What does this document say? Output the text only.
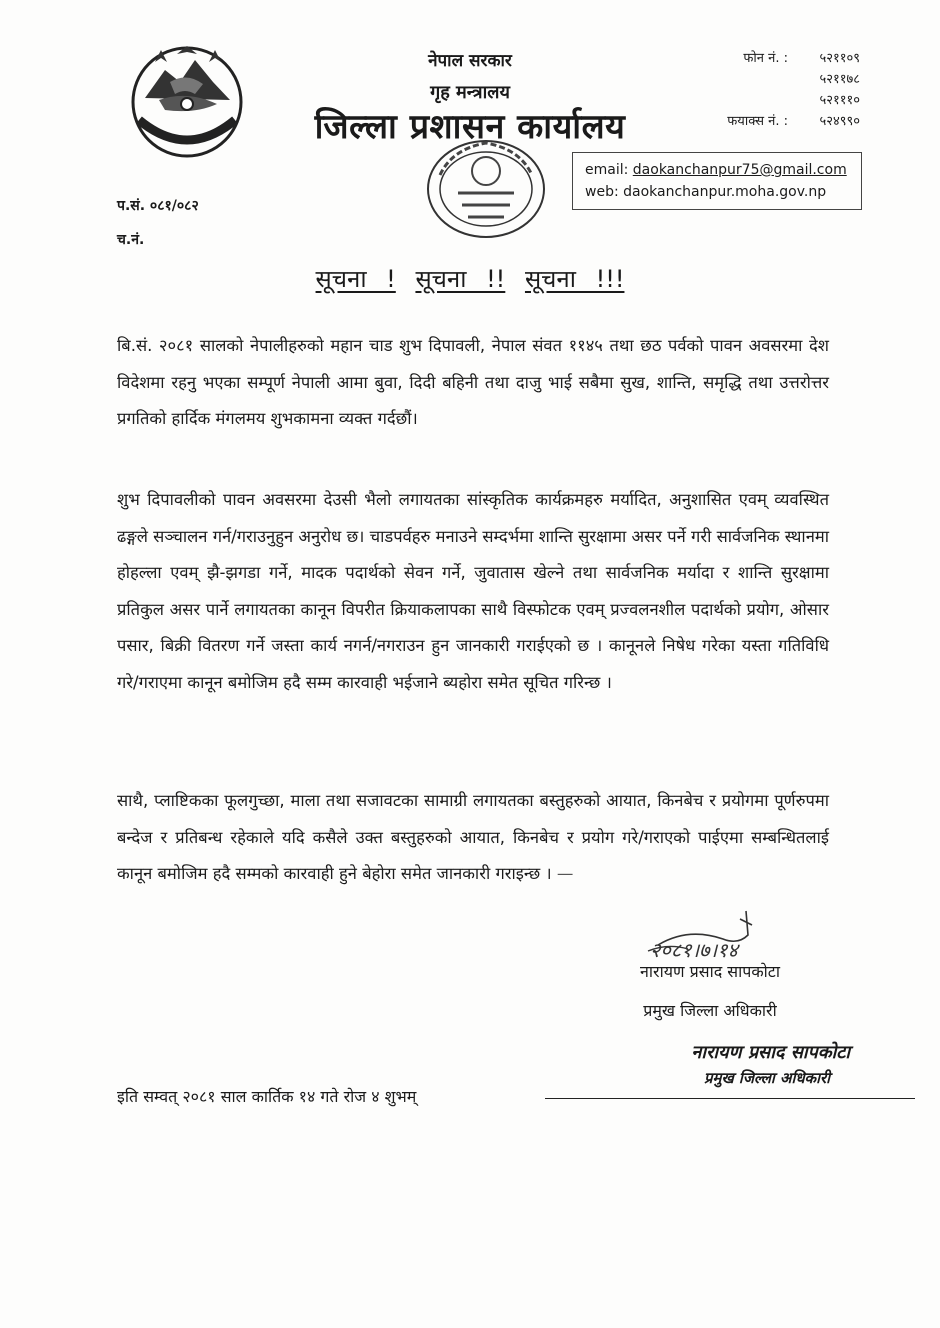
नेपाल सरकार
गृह मन्त्रालय
जिल्ला प्रशासन कार्यालय
फोन नं. :	५२११०९
५२११७८
५२१११०
फयाक्स नं. :	५२४९९०
email: daokanchanpur75@gmail.com
web: daokanchanpur.moha.gov.np
प.सं. ०८१/०८२
च.नं.
सूचना ! सूचना !! सूचना !!!
बि.सं. २०८१ सालको नेपालीहरुको महान चाड शुभ दिपावली, नेपाल संवत ११४५ तथा छठ पर्वको पावन अवसरमा देश विदेशमा रहनु भएका सम्पूर्ण नेपाली आमा बुवा, दिदी बहिनी तथा दाजु भाई सबैमा सुख, शान्ति, समृद्धि तथा उत्तरोत्तर प्रगतिको हार्दिक मंगलमय शुभकामना व्यक्त गर्दछौं।
शुभ दिपावलीको पावन अवसरमा देउसी भैलो लगायतका सांस्कृतिक कार्यक्रमहरु मर्यादित, अनुशासित एवम् व्यवस्थित ढङ्गले सञ्चालन गर्न/गराउनुहुन अनुरोध छ। चाडपर्वहरु मनाउने सम्दर्भमा शान्ति सुरक्षामा असर पर्ने गरी सार्वजनिक स्थानमा होहल्ला एवम् झै-झगडा गर्ने, मादक पदार्थको सेवन गर्ने, जुवातास खेल्ने तथा सार्वजनिक मर्यादा र शान्ति सुरक्षामा प्रतिकुल असर पार्ने लगायतका कानून विपरीत क्रियाकलापका साथै विस्फोटक एवम् प्रज्वलनशील पदार्थको प्रयोग, ओसार पसार, बिक्री वितरण गर्ने जस्ता कार्य नगर्न/नगराउन हुन जानकारी गराईएको छ । कानूनले निषेध गरेका यस्ता गतिविधि गरे/गराएमा कानून बमोजिम हदै सम्म कारवाही भईजाने ब्यहोरा समेत सूचित गरिन्छ ।
साथै, प्लाष्टिकका फूलगुच्छा, माला तथा सजावटका सामाग्री लगायतका बस्तुहरुको आयात, किनबेच र प्रयोगमा पूर्णरुपमा बन्देज र प्रतिबन्ध रहेकाले यदि कसैले उक्त बस्तुहरुको आयात, किनबेच र प्रयोग गरे/गराएको पाईएमा सम्बन्धितलाई कानून बमोजिम हदै सम्मको कारवाही हुने बेहोरा समेत जानकारी गराइन्छ । —
२०८१।७।१४
नारायण प्रसाद सापकोटा
प्रमुख जिल्ला अधिकारी
नारायण प्रसाद सापकोटा
प्रमुख जिल्ला अधिकारी
इति सम्वत् २०८१ साल कार्तिक १४ गते रोज ४ शुभम्
